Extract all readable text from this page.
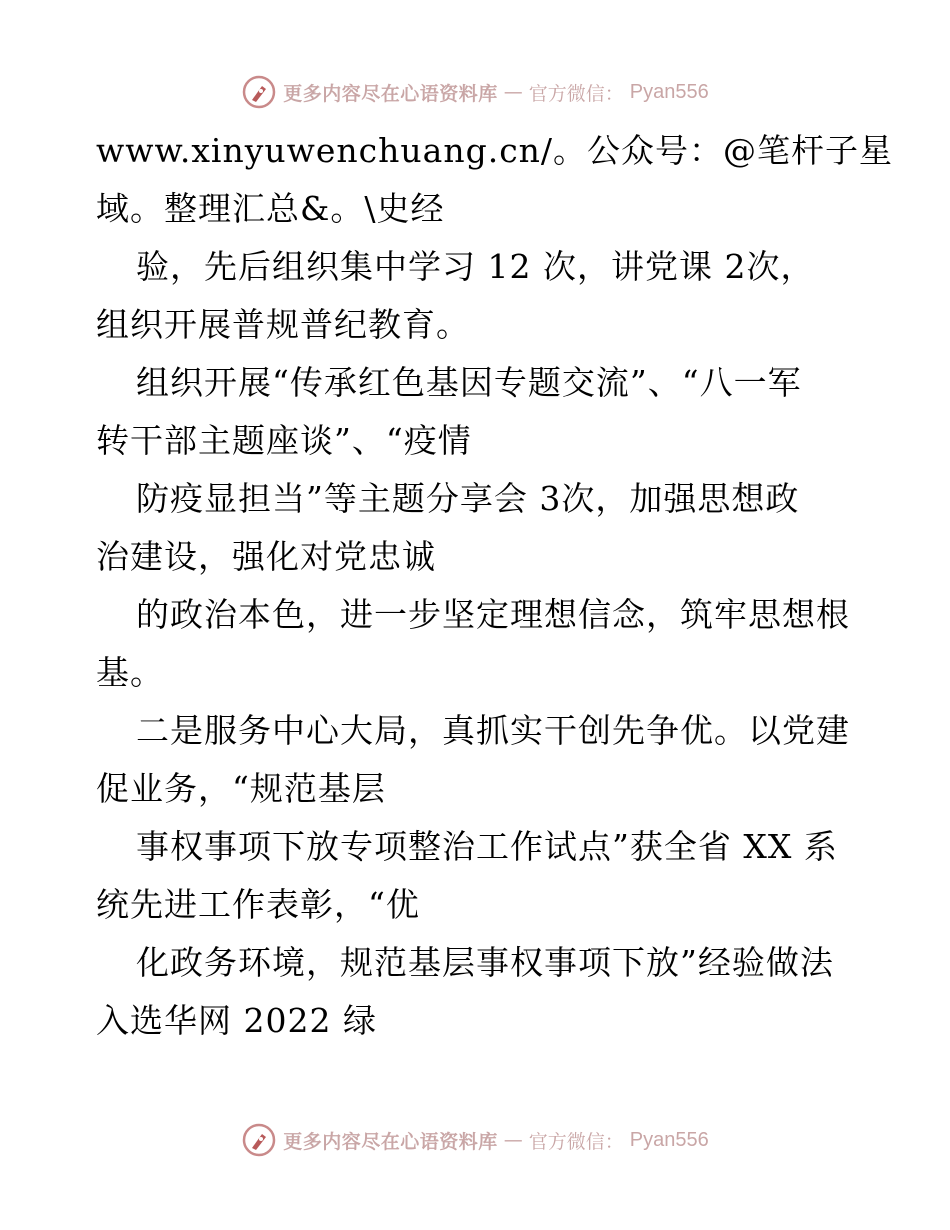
更多内容尽在心语资料库 — 官方微信： Pyan556
www.xinyuwenchuang.cn/。公众号：@笔杆子星
域。整理汇总&。\史经
验，先后组织集中学习 12 次，讲党课 2次，
组织开展普规普纪教育。
组织开展“传承红色基因专题交流”、“八一军
转干部主题座谈”、“疫情
防疫显担当”等主题分享会 3次，加强思想政
治建设，强化对党忠诚
的政治本色，进一步坚定理想信念，筑牢思想根
基。
二是服务中心大局，真抓实干创先争优。以党建
促业务，“规范基层
事权事项下放专项整治工作试点”获全省 XX 系
统先进工作表彰，“优
化政务环境，规范基层事权事项下放”经验做法
入选华网 2022 绿
更多内容尽在心语资料库 — 官方微信： Pyan556
